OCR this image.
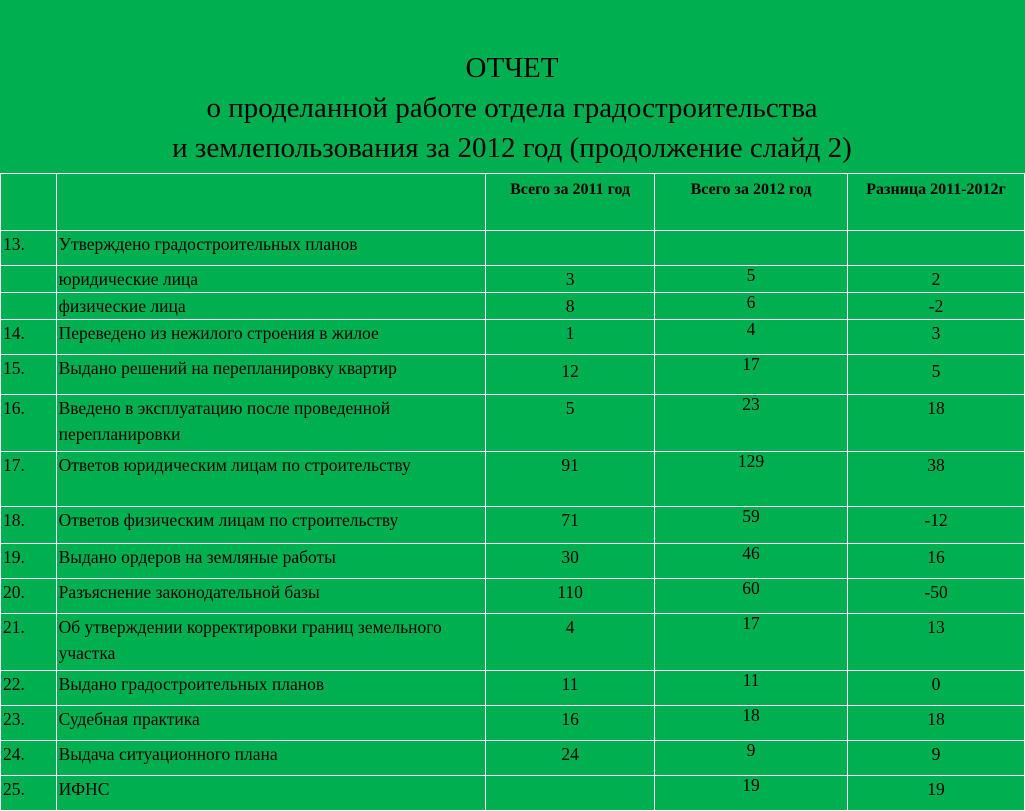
ОТЧЕТ
о проделанной работе отдела градостроительства
и землепользования за 2012 год (продолжение слайд 2)
		Всего за 2011 год	Всего за 2012 год	Разница 2011-2012г
13.	Утверждено градостроительных планов			
	юридические лица	3	5	2
	физические лица	8	6	-2
14.	Переведено из нежилого строения в жилое	1	4	3
15.	Выдано решений на перепланировку квартир	12	17	5
16.	Введено в эксплуатацию после проведенной перепланировки	5	23	18
17.	Ответов юридическим лицам по строительству	91	129	38
18.	Ответов физическим лицам по строительству	71	59	-12
19.	Выдано ордеров на земляные работы	30	46	16
20.	Разъяснение законодательной базы	110	60	-50
21.	Об утверждении корректировки границ земельного участка	4	17	13
22.	Выдано градостроительных планов	11	11	0
23.	Судебная практика	16	18	18
24.	Выдача ситуационного плана	24	9	9
25.	ИФНС		19	19
